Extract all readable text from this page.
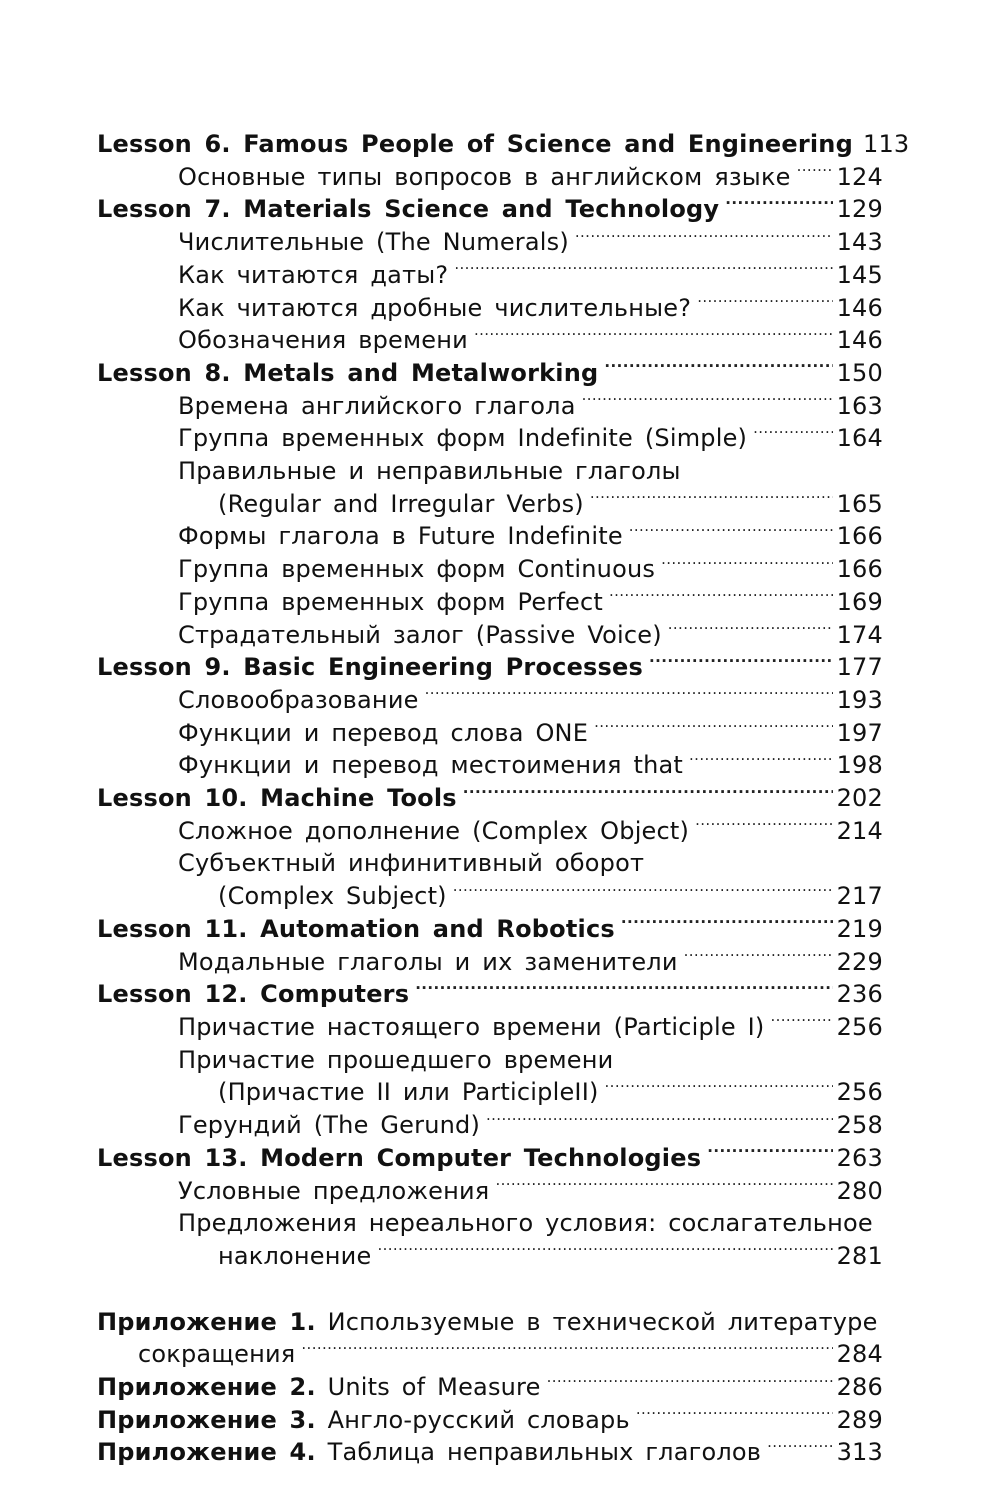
Lesson 6. Famous People of Science and Engineering 113
Основные типы вопросов в английском языке . . . 124
Lesson 7. Materials Science and Technology . . .	129
Числительные (The Numerals) . . .	143
Как читаются даты? . . .	145
Как читаются дробные числительные? . . .	146
Обозначения времени . . .	146
Lesson 8. Metals and Metalworking . . .	150
Времена английского глагола . . .	163
Группа временных форм Indefinite (Simple) . . .	164
Правильные и неправильные глаголы
(Regular and Irregular Verbs) . . .	165
Формы глагола в Future Indefinite . . .	166
Группа временных форм Continuous . . .	166
Группа временных форм Perfect . . .	169
Страдательный залог (Passive Voice) . . .	174
Lesson 9. Basic Engineering Processes . . .	177
Словообразование . . .	193
Функции и перевод слова ONE . . .	197
Функции и перевод местоимения that . . .	198
Lesson 10. Machine Tools . . .	202
Сложное дополнение (Complex Object) . . .	214
Субъектный инфинитивный оборот
(Complex Subject) . . .	217
Lesson 11. Automation and Robotics . . .	219
Модальные глаголы и их заменители . . .	229
Lesson 12. Computers . . .	236
Причастие настоящего времени (Participle I) . . .	256
Причастие прошедшего времени
(Причастие II или ParticipleII) . . .	256
Герундий (The Gerund) . . .	258
Lesson 13. Modern Computer Technologies . . .	263
Условные предложения . . .	280
Предложения нереального условия: сослагательное
наклонение . . .	281
Приложение 1. Используемые в технической литературе
сокращения . . .	284
Приложение 2. Units of Measure . . .	286
Приложение 3. Англо-русский словарь . . .	289
Приложение 4. Таблица неправильных глаголов . . .	313
